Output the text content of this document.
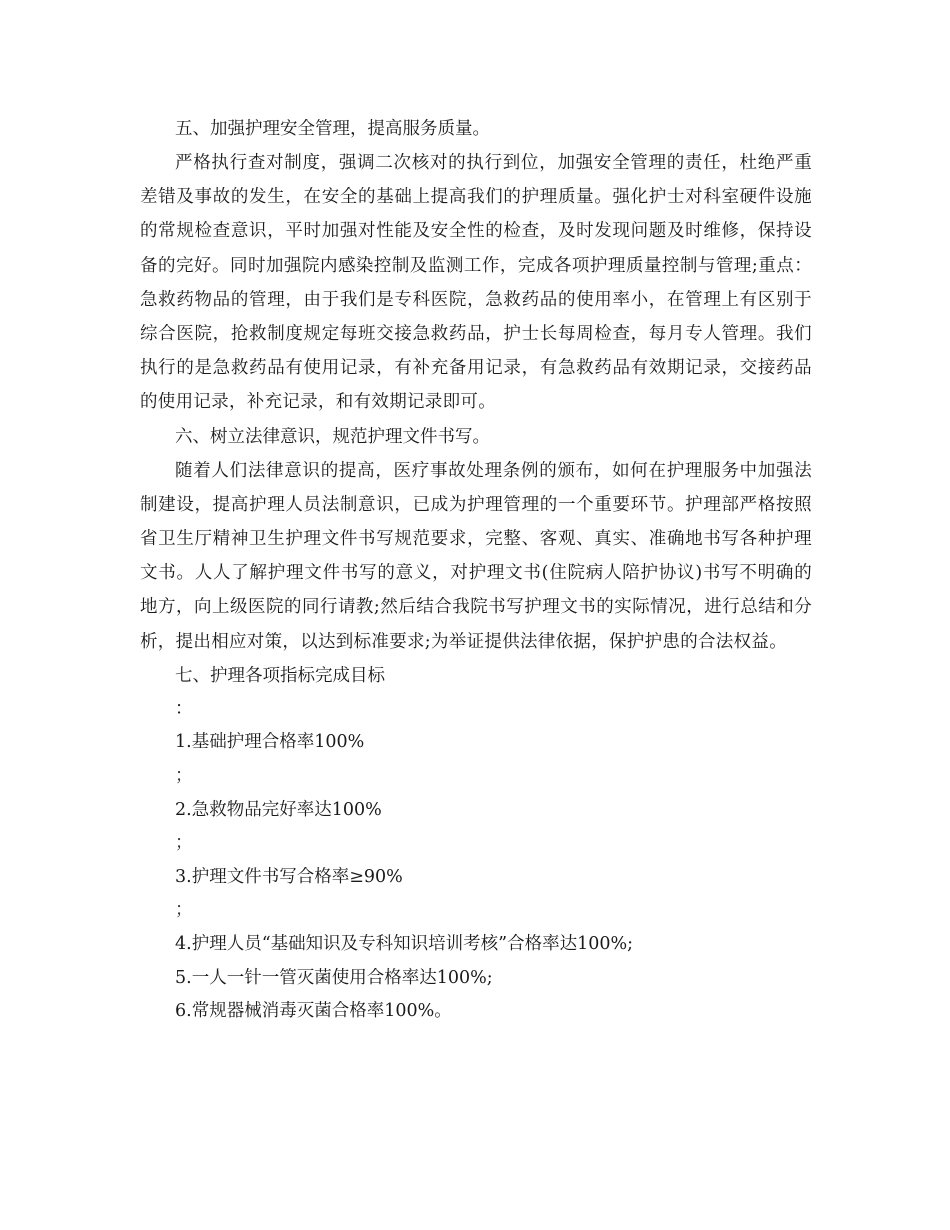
五、加强护理安全管理，提高服务质量。

严格执行查对制度，强调二次核对的执行到位，加强安全管理的责任，杜绝严重差错及事故的发生，在安全的基础上提高我们的护理质量。强化护士对科室硬件设施的常规检查意识，平时加强对性能及安全性的检查，及时发现问题及时维修，保持设备的完好。同时加强院内感染控制及监测工作，完成各项护理质量控制与管理;重点：急救药物品的管理，由于我们是专科医院，急救药品的使用率小，在管理上有区别于综合医院，抢救制度规定每班交接急救药品，护士长每周检查，每月专人管理。我们执行的是急救药品有使用记录，有补充备用记录，有急救药品有效期记录，交接药品的使用记录，补充记录，和有效期记录即可。

六、树立法律意识，规范护理文件书写。

随着人们法律意识的提高，医疗事故处理条例的颁布，如何在护理服务中加强法制建设，提高护理人员法制意识，已成为护理管理的一个重要环节。护理部严格按照省卫生厅精神卫生护理文件书写规范要求，完整、客观、真实、准确地书写各种护理文书。人人了解护理文件书写的意义，对护理文书(住院病人陪护协议)书写不明确的地方，向上级医院的同行请教;然后结合我院书写护理文书的实际情况，进行总结和分析，提出相应对策，以达到标准要求;为举证提供法律依据，保护护患的合法权益。

七、护理各项指标完成目标

：

1.基础护理合格率100%

；

2.急救物品完好率达100%

；

3.护理文件书写合格率≥90%

；

4.护理人员“基础知识及专科知识培训考核”合格率达100%;

5.一人一针一管灭菌使用合格率达100%;

6.常规器械消毒灭菌合格率100%。
